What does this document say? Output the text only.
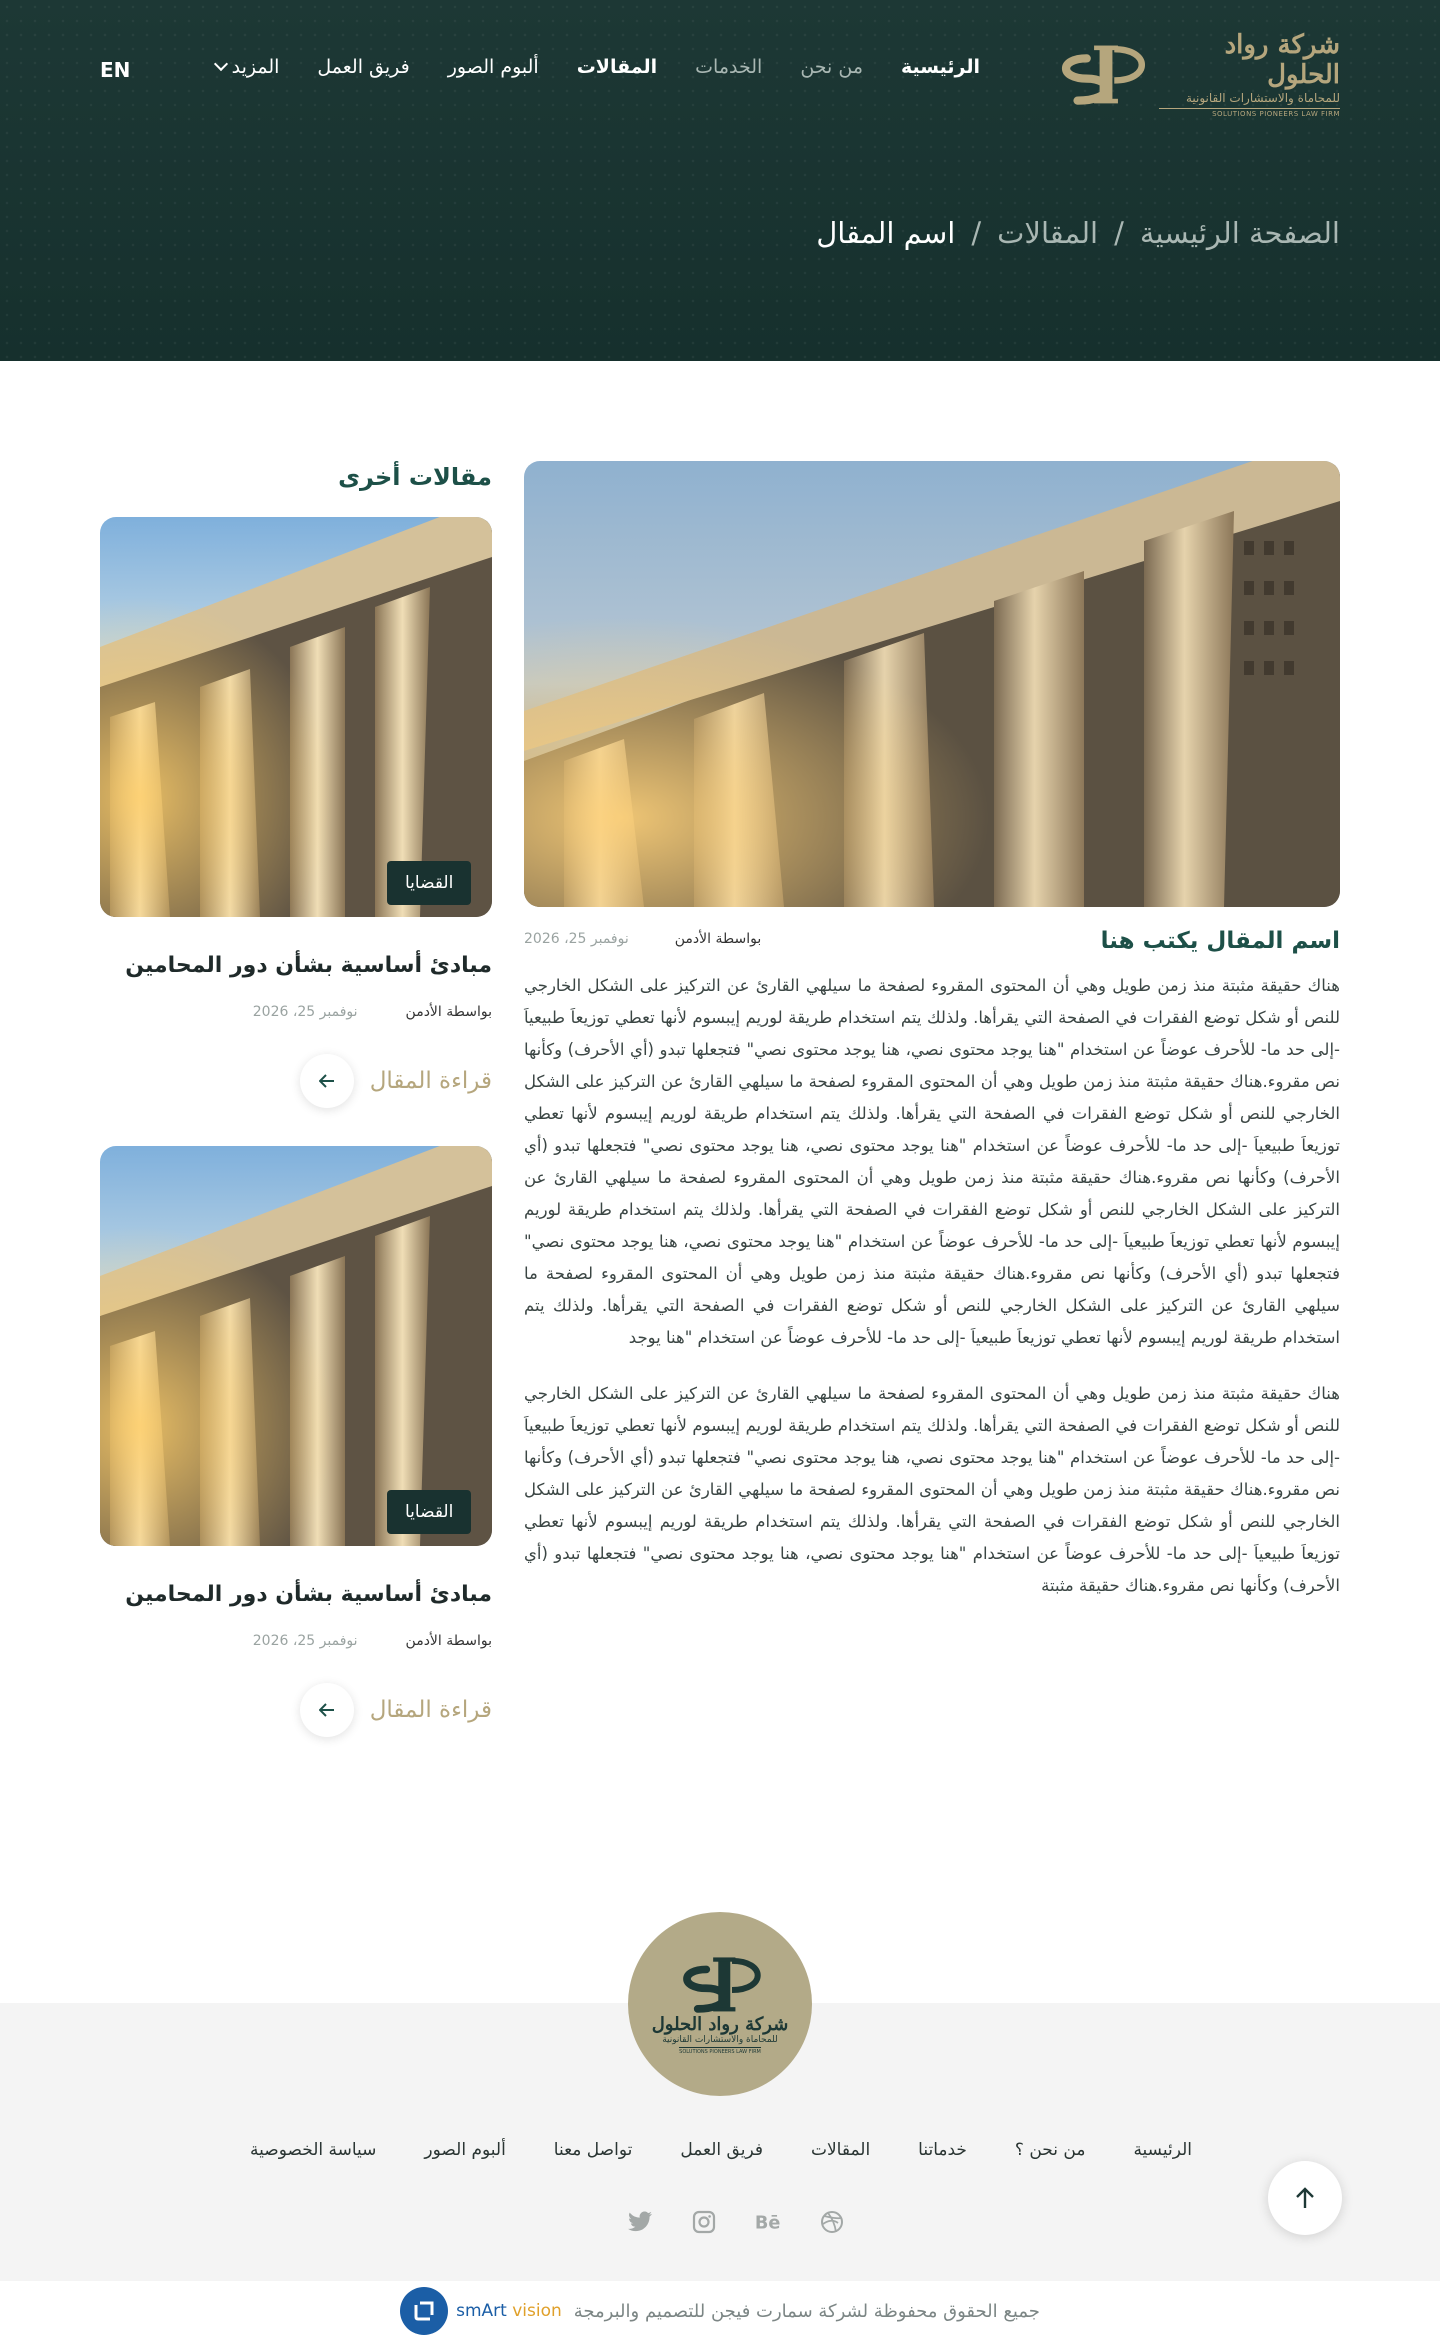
شركة رواد الحلول
للمحاماة والاستشارات القانونية
SOLUTIONS PIONEERS LAW FIRM
الرئيسية
من نحن
الخدمات
المقالات
ألبوم الصور
فريق العمل
المزيد
EN
الصفحة الرئيسية
/
المقالات
/
اسم المقال
اسم المقال يكتب هنا
بواسطة الأدمن
نوفمبر 25، 2026

هناك حقيقة مثبتة منذ زمن طويل وهي أن المحتوى المقروء لصفحة ما سيلهي القارئ عن التركيز على الشكل الخارجي للنص أو شكل توضع الفقرات في الصفحة التي يقرأها. ولذلك يتم استخدام طريقة لوريم إيبسوم لأنها تعطي توزيعاَ طبيعياَ -إلى حد ما- للأحرف عوضاً عن استخدام "هنا يوجد محتوى نصي، هنا يوجد محتوى نصي" فتجعلها تبدو (أي الأحرف) وكأنها نص مقروء.هناك حقيقة مثبتة منذ زمن طويل وهي أن المحتوى المقروء لصفحة ما سيلهي القارئ عن التركيز على الشكل الخارجي للنص أو شكل توضع الفقرات في الصفحة التي يقرأها. ولذلك يتم استخدام طريقة لوريم إيبسوم لأنها تعطي توزيعاَ طبيعياَ -إلى حد ما- للأحرف عوضاً عن استخدام "هنا يوجد محتوى نصي، هنا يوجد محتوى نصي" فتجعلها تبدو (أي الأحرف) وكأنها نص مقروء.هناك حقيقة مثبتة منذ زمن طويل وهي أن المحتوى المقروء لصفحة ما سيلهي القارئ عن التركيز على الشكل الخارجي للنص أو شكل توضع الفقرات في الصفحة التي يقرأها. ولذلك يتم استخدام طريقة لوريم إيبسوم لأنها تعطي توزيعاَ طبيعياَ -إلى حد ما- للأحرف عوضاً عن استخدام "هنا يوجد محتوى نصي، هنا يوجد محتوى نصي" فتجعلها تبدو (أي الأحرف) وكأنها نص مقروء.هناك حقيقة مثبتة منذ زمن طويل وهي أن المحتوى المقروء لصفحة ما سيلهي القارئ عن التركيز على الشكل الخارجي للنص أو شكل توضع الفقرات في الصفحة التي يقرأها. ولذلك يتم استخدام طريقة لوريم إيبسوم لأنها تعطي توزيعاَ طبيعياَ -إلى حد ما- للأحرف عوضاً عن استخدام "هنا يوجد

هناك حقيقة مثبتة منذ زمن طويل وهي أن المحتوى المقروء لصفحة ما سيلهي القارئ عن التركيز على الشكل الخارجي للنص أو شكل توضع الفقرات في الصفحة التي يقرأها. ولذلك يتم استخدام طريقة لوريم إيبسوم لأنها تعطي توزيعاَ طبيعياَ -إلى حد ما- للأحرف عوضاً عن استخدام "هنا يوجد محتوى نصي، هنا يوجد محتوى نصي" فتجعلها تبدو (أي الأحرف) وكأنها نص مقروء.هناك حقيقة مثبتة منذ زمن طويل وهي أن المحتوى المقروء لصفحة ما سيلهي القارئ عن التركيز على الشكل الخارجي للنص أو شكل توضع الفقرات في الصفحة التي يقرأها. ولذلك يتم استخدام طريقة لوريم إيبسوم لأنها تعطي توزيعاَ طبيعياَ -إلى حد ما- للأحرف عوضاً عن استخدام "هنا يوجد محتوى نصي، هنا يوجد محتوى نصي" فتجعلها تبدو (أي الأحرف) وكأنها نص مقروء.هناك حقيقة مثبتة

مقالات أخرى
القضايا
مبادئ أساسية بشأن دور المحامين
بواسطة الأدمن
نوفمبر 25، 2026
قراءة المقال
القضايا
مبادئ أساسية بشأن دور المحامين
بواسطة الأدمن
نوفمبر 25، 2026
قراءة المقال
شركة رواد الحلول
للمحاماة والاستشارات القانونية
SOLUTIONS PIONEERS LAW FIRM
الرئيسية
من نحن ؟
خدماتنا
المقالات
فريق العمل
تواصل معنا
ألبوم الصور
سياسة الخصوصية
Bē
جميع الحقوق محفوظة لشركة سمارت فيجن للتصميم والبرمجة
smArt vision
